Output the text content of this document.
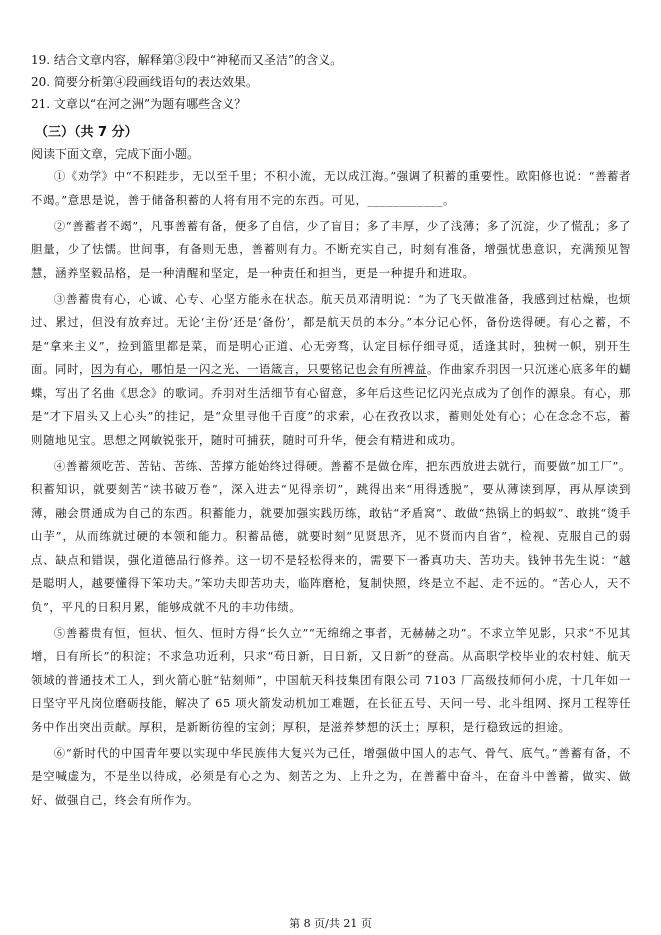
19. 结合文章内容，解释第③段中“神秘而又圣洁”的含义。
20. 简要分析第④段画线语句的表达效果。
21. 文章以“在河之洲”为题有哪些含义？
（三）（共 7 分）
阅读下面文章，完成下面小题。

①《劝学》中“不积跬步，无以至千里；不积小流，无以成江海。”强调了积蓄的重要性。欧阳修也说：“善蓄者不竭。”意思是说，善于储备积蓄的人将有用不完的东西。可见，____________。

②“善蓄者不竭”，凡事善蓄有备，便多了自信，少了盲目；多了丰厚，少了浅薄；多了沉淀，少了慌乱；多了胆量，少了怯懦。世间事，有备则无患，善蓄则有力。不断充实自己，时刻有准备，增强忧患意识，充满预见智慧，涵养坚毅品格，是一种清醒和坚定，是一种责任和担当，更是一种提升和进取。

③善蓄贵有心，心诚、心专、心坚方能永在状态。航天员邓清明说：“为了飞天做准备，我感到过枯燥，也烦过、累过，但没有放弃过。无论‘主份’还是‘备份’，都是航天员的本分。”本分记心怀，备份迭得硬。有心之蓄，不是“拿来主义”，捡到篮里都是菜，而是明心正道、心无旁骛，认定目标仔细寻觅，适逢其时，独树一帜，别开生面。同时，因为有心，哪怕是一闪之光、一语箴言，只要铭记也会有所裨益。作曲家乔羽因一只沉迷心底多年的蝴蝶，写出了名曲《思念》的歌词。乔羽对生活细节有心留意，多年后这些记忆闪光点成为了创作的源泉。有心，那是“才下眉头又上心头”的挂记，是“众里寻他千百度”的求索，心在孜孜以求，蓄则处处有心；心在念念不忘，蓄则随地见宝。思想之网敏锐张开，随时可捕获，随时可升华，便会有精进和成功。

④善蓄须吃苦、苦钻、苦练、苦撑方能始终过得硬。善蓄不是做仓库，把东西放进去就行，而要做“加工厂”。积蓄知识，就要刻苦“读书破万卷”，深入进去“见得亲切”，跳得出来“用得透脱”，要从薄读到厚，再从厚读到薄，融会贯通成为自己的东西。积蓄能力，就要加强实践历练，敢钻“矛盾窝”、敢做“热锅上的蚂蚁”、敢挑“烫手山芋”，从而练就过硬的本领和能力。积蓄品德，就要时刻“见贤思齐，见不贤而内自省”，检视、克服自己的弱点、缺点和错误，强化道德品行修养。这一切不是轻松得来的，需要下一番真功夫、苦功夫。钱钟书先生说：“越是聪明人，越要懂得下笨功夫。”笨功夫即苦功夫，临阵磨枪，复制快照，终是立不起、走不远的。“苦心人，天不负”，平凡的日积月累，能够成就不凡的丰功伟绩。

⑤善蓄贵有恒，恒状、恒久、恒时方得“长久立”“无绵绵之事者，无赫赫之功”。不求立竿见影，只求“不见其增，日有所长”的积淀；不求急功近利，只求“苟日新，日日新，又日新”的登高。从高职学校毕业的农村娃、航天领域的普通技术工人，到火箭心脏“钻刻师”，中国航天科技集团有限公司 7103 厂高级技师何小虎，十几年如一日坚守平凡岗位磨砺技能，解决了 65 项火箭发动机加工难题，在长征五号、天问一号、北斗组网、探月工程等任务中作出突出贡献。厚积，是新断彷徨的宝剑；厚积，是滋养梦想的沃土；厚积，是行稳致远的担途。

⑥“新时代的中国青年要以实现中华民族伟大复兴为己任，增强做中国人的志气、骨气、底气。”善蓄有备，不是空喊虚为，不是坐以待成，必须是有心之为、刻苦之为、上升之为，在善蓄中奋斗，在奋斗中善蓄，做实、做好、做强自己，终会有所作为。

第 8 页/共 21 页
